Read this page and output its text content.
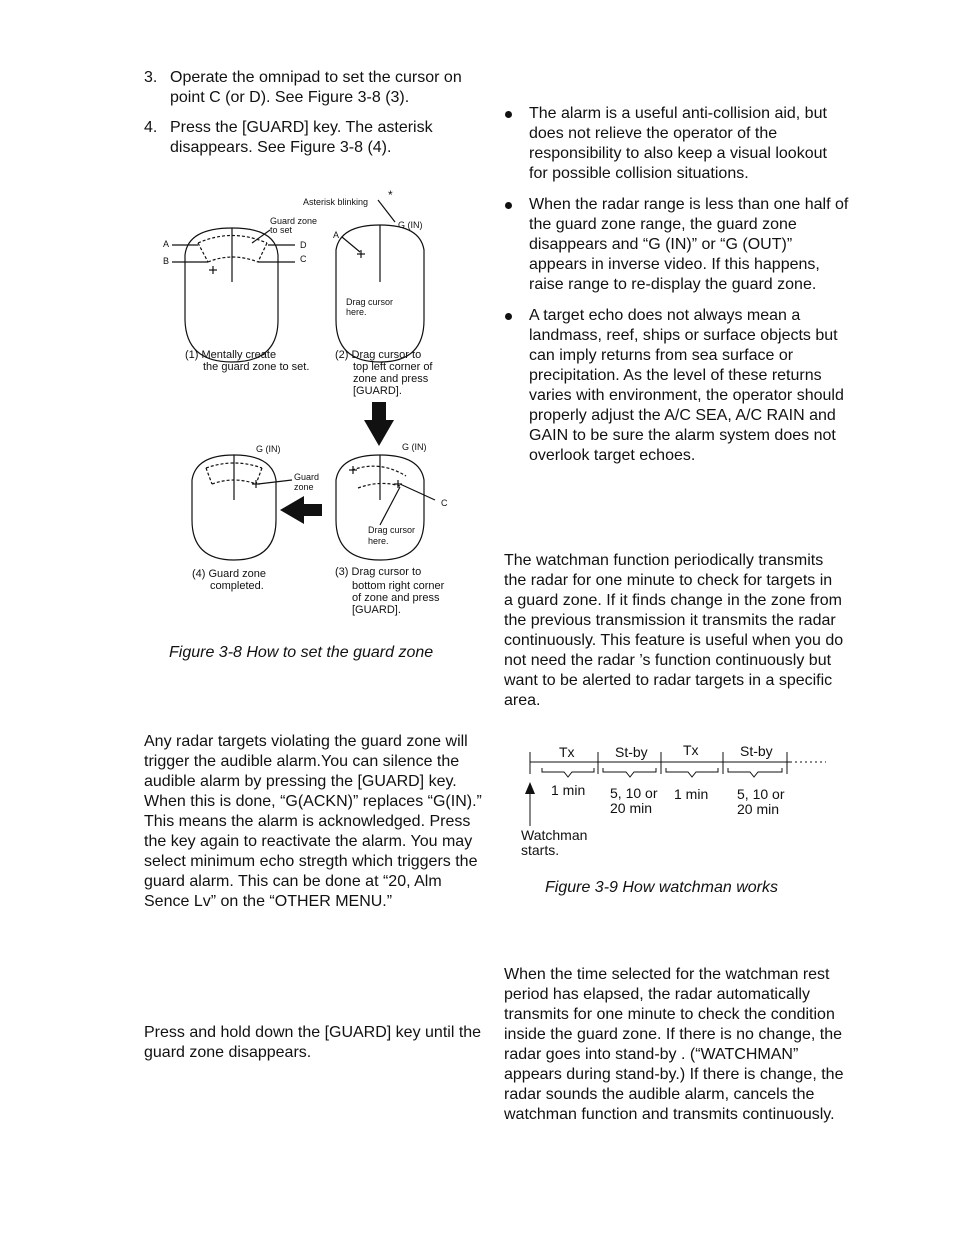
3. Operate the omnipad to set the cursor on point C (or D). See Figure 3-8 (3).
4. Press the [GUARD] key. The asterisk disappears. See Figure 3-8 (4).
Asterisk blinking
Guard zone
to set
A
B
D
C
G (IN)
A
Drag cursor
here.
G (IN)	G (IN)
Guard
zone
C
Drag cursor
here.
*
(1) Mentally create
the guard zone to set.
(2) Drag cursor to
top left corner of
zone and press
[GUARD].
(3) Drag cursor to
bottom right corner
of zone and press
[GUARD].
(4) Guard zone
completed.
Figure 3-8 How to set the guard zone
Any radar targets violating the guard zone will trigger the audible alarm.You can silence the audible alarm by pressing the [GUARD] key. When this is done, “G(ACKN)” replaces “G(IN).” This means the alarm is acknowledged. Press the key again to reactivate the alarm. You may select minimum echo stregth which triggers the guard alarm. This can be done at “20, Alm Sence Lv” on the “OTHER MENU.”
Press and hold down the [GUARD] key until the guard zone disappears.
The alarm is a useful anti-collision aid, but does not relieve the operator of the responsibility to also keep a visual lookout for possible collision situations.
When the radar range is less than one half of the guard zone range, the guard zone disappears and “G (IN)” or “G (OUT)” appears in inverse video. If this happens, raise range to re-display the guard zone.
A target echo does not always mean a landmass, reef, ships or surface objects but can imply returns from sea surface or precipitation. As the level of these returns varies with environment, the operator should properly adjust the A/C SEA, A/C RAIN and GAIN to be sure the alarm system does not overlook target echoes.
The watchman function periodically transmits the radar for one minute to check for targets in a guard zone. If it finds change in the zone from the previous transmission it transmits the radar continuously. This feature is useful when you do not need the radar ’s function continuously but want to be alerted to radar targets in a specific area.
Tx	St-by	Tx	St-by
1 min	1 min
Watchman
starts.
5, 10 or 20 min
5, 10 or 20 min
Figure 3-9 How watchman works
When the time selected for the watchman rest period has elapsed, the radar automatically transmits for one minute to check the condition inside the guard zone. If there is no change, the radar goes into stand-by . (“WATCHMAN” appears during stand-by.) If there is change, the radar sounds the audible alarm, cancels the watchman function and transmits continuously.
